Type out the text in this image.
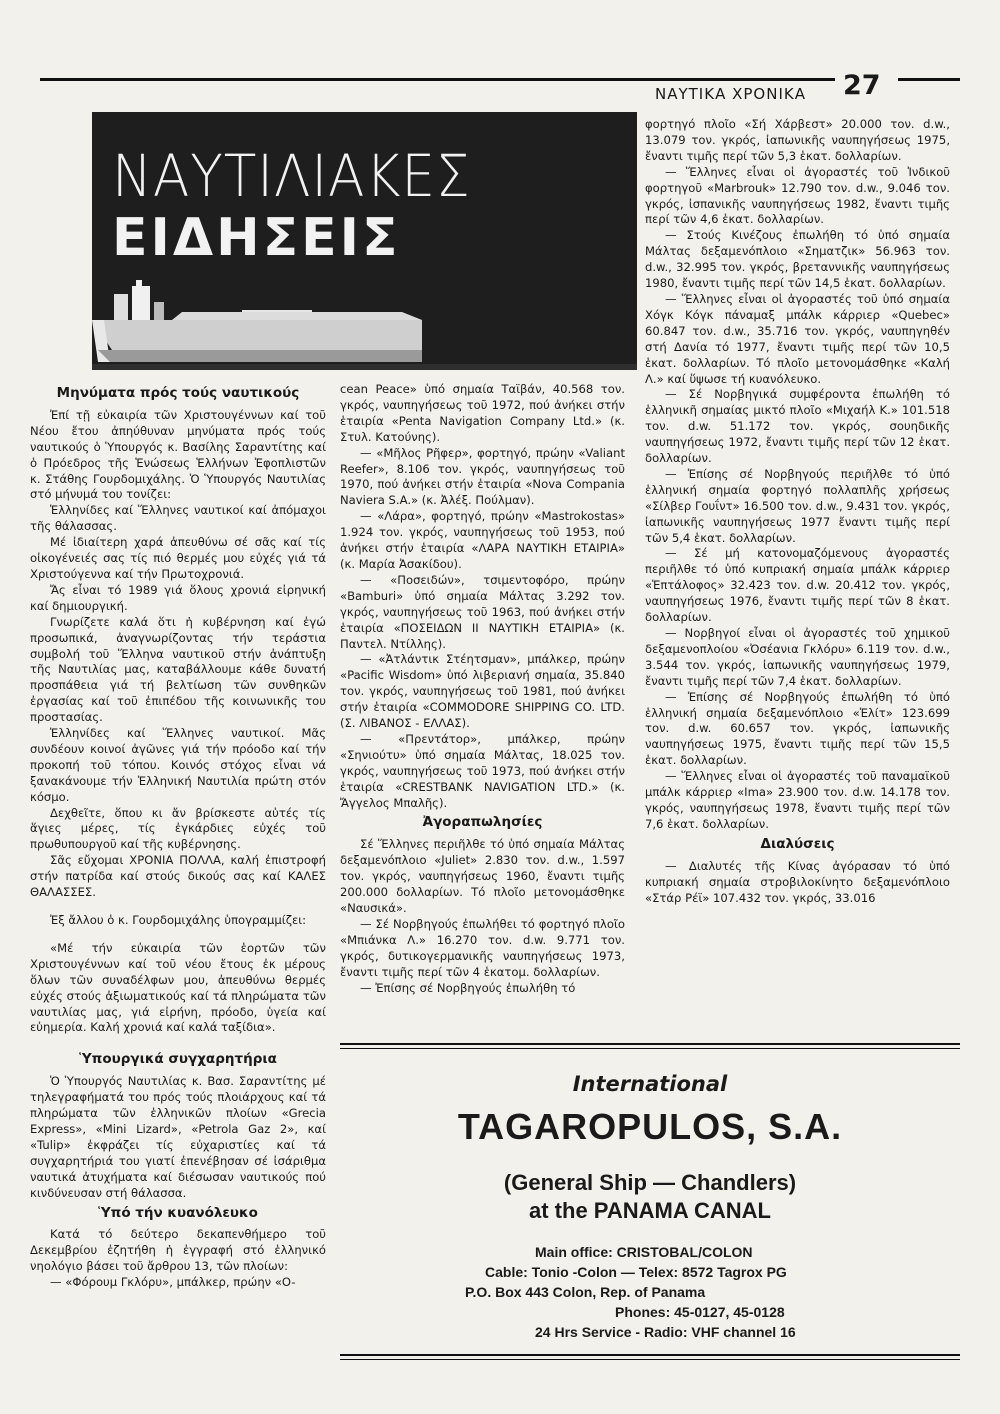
ΝΑΥΤΙΚΑ ΧΡΟΝΙΚΑ 27
ΝΑΥΤΙΛΙΑΚΕΣ
ΕΙΔΗΣΕΙΣ

Μηνύματα πρός τούς ναυτικούς

Ἐπί τῇ εὐκαιρία τῶν Χριστουγέννων καί τοῦ Νέου ἔτου ἀπηύθυναν μηνύματα πρός τούς ναυτικούς ὁ Ὑπουργός κ. Βασίλης Σαραντίτης καί ὁ Πρόεδρος τῆς Ἑνώσεως Ἑλλήνων Ἐφοπλιστῶν κ. Στάθης Γουρδομιχάλης. Ὁ Ὑπουργός Ναυτιλίας στό μήνυμά του τονίζει:

Ἑλληνίδες καί Ἕλληνες ναυτικοί καί ἀπόμαχοι τῆς θάλασσας.

Μέ ἰδιαίτερη χαρά ἀπευθύνω σέ σᾶς καί τίς οἰκογένειές σας τίς πιό θερμές μου εὐχές γιά τά Χριστούγεννα καί τήν Πρωτοχρονιά.

Ἄς εἶναι τό 1989 γιά ὅλους χρονιά εἰρηνική καί δημιουργική.

Γνωρίζετε καλά ὅτι ἡ κυβέρνηση καί ἐγώ προσωπικά, ἀναγνωρίζοντας τήν τεράστια συμβολή τοῦ Ἕλληνα ναυτικοῦ στήν ἀνάπτυξη τῆς Ναυτιλίας μας, καταβάλλουμε κάθε δυνατή προσπάθεια γιά τή βελτίωση τῶν συνθηκῶν ἐργασίας καί τοῦ ἐπιπέδου τῆς κοινωνικῆς του προστασίας.

Ἑλληνίδες καί Ἕλληνες ναυτικοί. Μᾶς συνδέουν κοινοί ἀγῶνες γιά τήν πρόοδο καί τήν προκοπή τοῦ τόπου. Κοινός στόχος εἶναι νά ξανακάνουμε τήν Ἑλληνική Ναυτιλία πρώτη στόν κόσμο.

Δεχθεῖτε, ὅπου κι ἄν βρίσκεστε αὐτές τίς ἅγιες μέρες, τίς ἐγκάρδιες εὐχές τοῦ πρωθυπουργοῦ καί τῆς κυβέρνησης.

Σᾶς εὔχομαι ΧΡΟΝΙΑ ΠΟΛΛΑ, καλή ἐπιστροφή στήν πατρίδα καί στούς δικούς σας καί ΚΑΛΕΣ ΘΑΛΑΣΣΕΣ.

Ἐξ ἄλλου ὁ κ. Γουρδομιχάλης ὑπογραμμίζει:

«Μέ τήν εὐκαιρία τῶν ἑορτῶν τῶν Χριστουγέννων καί τοῦ νέου ἔτους ἐκ μέρους ὅλων τῶν συναδέλφων μου, ἀπευθύνω θερμές εὐχές στούς ἀξιωματικούς καί τά πληρώματα τῶν ναυτιλίας μας, γιά εἰρήνη, πρόοδο, ὑγεία καί εὐημερία. Καλή χρονιά καί καλά ταξίδια».

Ὑπουργικά συγχαρητήρια

Ὁ Ὑπουργός Ναυτιλίας κ. Βασ. Σαραντίτης μέ τηλεγραφήματά του πρός τούς πλοιάρχους καί τά πληρώματα τῶν ἑλληνικῶν πλοίων «Grecia Express», «Mini Lizard», «Petrola Gaz 2», καί «Tulip» ἐκφράζει τίς εὐχαριστίες καί τά συγχαρητήριά του γιατί ἐπενέβησαν σέ ἰσάριθμα ναυτικά ἀτυχήματα καί διέσωσαν ναυτικούς πού κινδύνευσαν στή θάλασσα.

Ὑπό τήν κυανόλευκο

Κατά τό δεύτερο δεκαπενθήμερο τοῦ Δεκεμβρίου ἐζητήθη ἡ ἐγγραφή στό ἑλληνικό νηολόγιο βάσει τοῦ ἄρθρου 13, τῶν πλοίων:

— «Φόρουμ Γκλόρυ», μπάλκερ, πρώην «O-

cean Peace» ὑπό σημαία Ταϊβάν, 40.568 τον. γκρός, ναυπηγήσεως τοῦ 1972, πού ἀνήκει στήν ἑταιρία «Penta Navigation Company Ltd.» (κ. Στυλ. Κατούνης).

— «Μῆλος Ρῆφερ», φορτηγό, πρώην «Valiant Reefer», 8.106 τον. γκρός, ναυπηγήσεως τοῦ 1970, πού ἀνήκει στήν ἑταιρία «Nova Compania Naviera S.A.» (κ. Ἀλέξ. Πούλμαν).

— «Λάρα», φορτηγό, πρώην «Mastrokostas» 1.924 τον. γκρός, ναυπηγήσεως τοῦ 1953, πού ἀνήκει στήν ἑταιρία «ΛΑΡΑ ΝΑΥΤΙΚΗ ΕΤΑΙΡΙΑ» (κ. Μαρία Ἀσακίδου).

— «Ποσειδών», τσιμεντοφόρο, πρώην «Bamburi» ὑπό σημαία Μάλτας 3.292 τον. γκρός, ναυπηγήσεως τοῦ 1963, πού ἀνήκει στήν ἑταιρία «ΠΟΣΕΙΔΩΝ ΙΙ ΝΑΥΤΙΚΗ ΕΤΑΙΡΙΑ» (κ. Παντελ. Ντίλλης).

— «Ἀτλάντικ Στέητσμαν», μπάλκερ, πρώην «Pacific Wisdom» ὑπό λιβεριανή σημαία, 35.840 τον. γκρός, ναυπηγήσεως τοῦ 1981, πού ἀνήκει στήν ἑταιρία «COMMODORE SHIPPING CO. LTD. (Σ. ΛΙΒΑΝΟΣ - ΕΛΛΑΣ).

— «Πρεντάτορ», μπάλκερ, πρώην «Σηνιούτυ» ὑπό σημαία Μάλτας, 18.025 τον. γκρός, ναυπηγήσεως τοῦ 1973, πού ἀνήκει στήν ἑταιρία «CRESTBANK NAVIGATION LTD.» (κ. Ἄγγελος Μπαλῆς).

Ἀγοραπωλησίες

Σέ Ἕλληνες περιῆλθε τό ὑπό σημαία Μάλτας δεξαμενόπλοιο «Juliet» 2.830 τον. d.w., 1.597 τον. γκρός, ναυπηγήσεως 1960, ἔναντι τιμῆς 200.000 δολλαρίων. Τό πλοῖο μετονομάσθηκε «Ναυσικά».

— Σέ Νορβηγούς ἐπωλήθει τό φορτηγό πλοῖο «Μπιάνκα Λ.» 16.270 τον. d.w. 9.771 τον. γκρός, δυτικογερμανικῆς ναυπηγήσεως 1973, ἔναντι τιμῆς περί τῶν 4 ἑκατομ. δολλαρίων.

— Ἐπίσης σέ Νορβηγούς ἐπωλήθη τό

φορτηγό πλοῖο «Σή Χάρβεστ» 20.000 τον. d.w., 13.079 τον. γκρός, ἰαπωνικῆς ναυπηγήσεως 1975, ἔναντι τιμῆς περί τῶν 5,3 ἑκατ. δολλαρίων.

— Ἕλληνες εἶναι οἱ ἀγοραστές τοῦ Ἰνδικοῦ φορτηγοῦ «Marbrouk» 12.790 τον. d.w., 9.046 τον. γκρός, ἰσπανικῆς ναυπηγήσεως 1982, ἔναντι τιμῆς περί τῶν 4,6 ἑκατ. δολλαρίων.

— Στούς Κινέζους ἐπωλήθη τό ὑπό σημαία Μάλτας δεξαμενόπλοιο «Σηματζικ» 56.963 τον. d.w., 32.995 τον. γκρός, βρεταννικῆς ναυπηγήσεως 1980, ἔναντι τιμῆς περί τῶν 14,5 ἑκατ. δολλαρίων.

— Ἕλληνες εἶναι οἱ ἀγοραστές τοῦ ὑπό σημαία Χόγκ Κόγκ πάναμαξ μπάλκ κάρριερ «Quebec» 60.847 τον. d.w., 35.716 τον. γκρός, ναυπηγηθέν στή Δανία τό 1977, ἔναντι τιμῆς περί τῶν 10,5 ἑκατ. δολλαρίων. Τό πλοῖο μετονομάσθηκε «Καλή Λ.» καί ὕψωσε τή κυανόλευκο.

— Σέ Νορβηγικά συμφέροντα ἐπωλήθη τό ἑλληνικῆ σημαίας μικτό πλοῖο «Μιχαήλ Κ.» 101.518 τον. d.w. 51.172 τον. γκρός, σουηδικῆς ναυπηγήσεως 1972, ἔναντι τιμῆς περί τῶν 12 ἑκατ. δολλαρίων.

— Ἐπίσης σέ Νορβηγούς περιῆλθε τό ὑπό ἑλληνική σημαία φορτηγό πολλαπλῆς χρήσεως «Σίλβερ Γουΐντ» 16.500 τον. d.w., 9.431 τον. γκρός, ἰαπωνικῆς ναυπηγήσεως 1977 ἔναντι τιμῆς περί τῶν 5,4 ἑκατ. δολλαρίων.

— Σέ μή κατονομαζόμενους ἀγοραστές περιῆλθε τό ὑπό κυπριακή σημαία μπάλκ κάρριερ «Ἑπτάλοφος» 32.423 τον. d.w. 20.412 τον. γκρός, ναυπηγήσεως 1976, ἔναντι τιμῆς περί τῶν 8 ἑκατ. δολλαρίων.

— Νορβηγοί εἶναι οἱ ἀγοραστές τοῦ χημικοῦ δεξαμενοπλοίου «Ὀσέανια Γκλόρυ» 6.119 τον. d.w., 3.544 τον. γκρός, ἰαπωνικῆς ναυπηγήσεως 1979, ἔναντι τιμῆς περί τῶν 7,4 ἑκατ. δολλαρίων.

— Ἐπίσης σέ Νορβηγούς ἐπωλήθη τό ὑπό ἑλληνική σημαία δεξαμενόπλοιο «Ἐλίτ» 123.699 τον. d.w. 60.657 τον. γκρός, ἰαπωνικῆς ναυπηγήσεως 1975, ἔναντι τιμῆς περί τῶν 15,5 ἑκατ. δολλαρίων.

— Ἕλληνες εἶναι οἱ ἀγοραστές τοῦ παναμαϊκοῦ μπάλκ κάρριερ «Ima» 23.900 τον. d.w. 14.178 τον. γκρός, ναυπηγήσεως 1978, ἔναντι τιμῆς περί τῶν 7,6 ἑκατ. δολλαρίων.

Διαλύσεις

— Διαλυτές τῆς Κίνας ἀγόρασαν τό ὑπό κυπριακή σημαία στροβιλοκίνητο δεξαμενόπλοιο «Στάρ Ρέϊ» 107.432 τον. γκρός, 33.016

International
TAGAROPULOS, S.A.
(General Ship — Chandlers)
at the PANAMA CANAL
Main office: CRISTOBAL/COLON
Cable: Tonio -Colon — Telex: 8572 Tagrox PG
P.O. Box 443 Colon, Rep. of Panama
Phones: 45-0127, 45-0128
24 Hrs Service - Radio: VHF channel 16
